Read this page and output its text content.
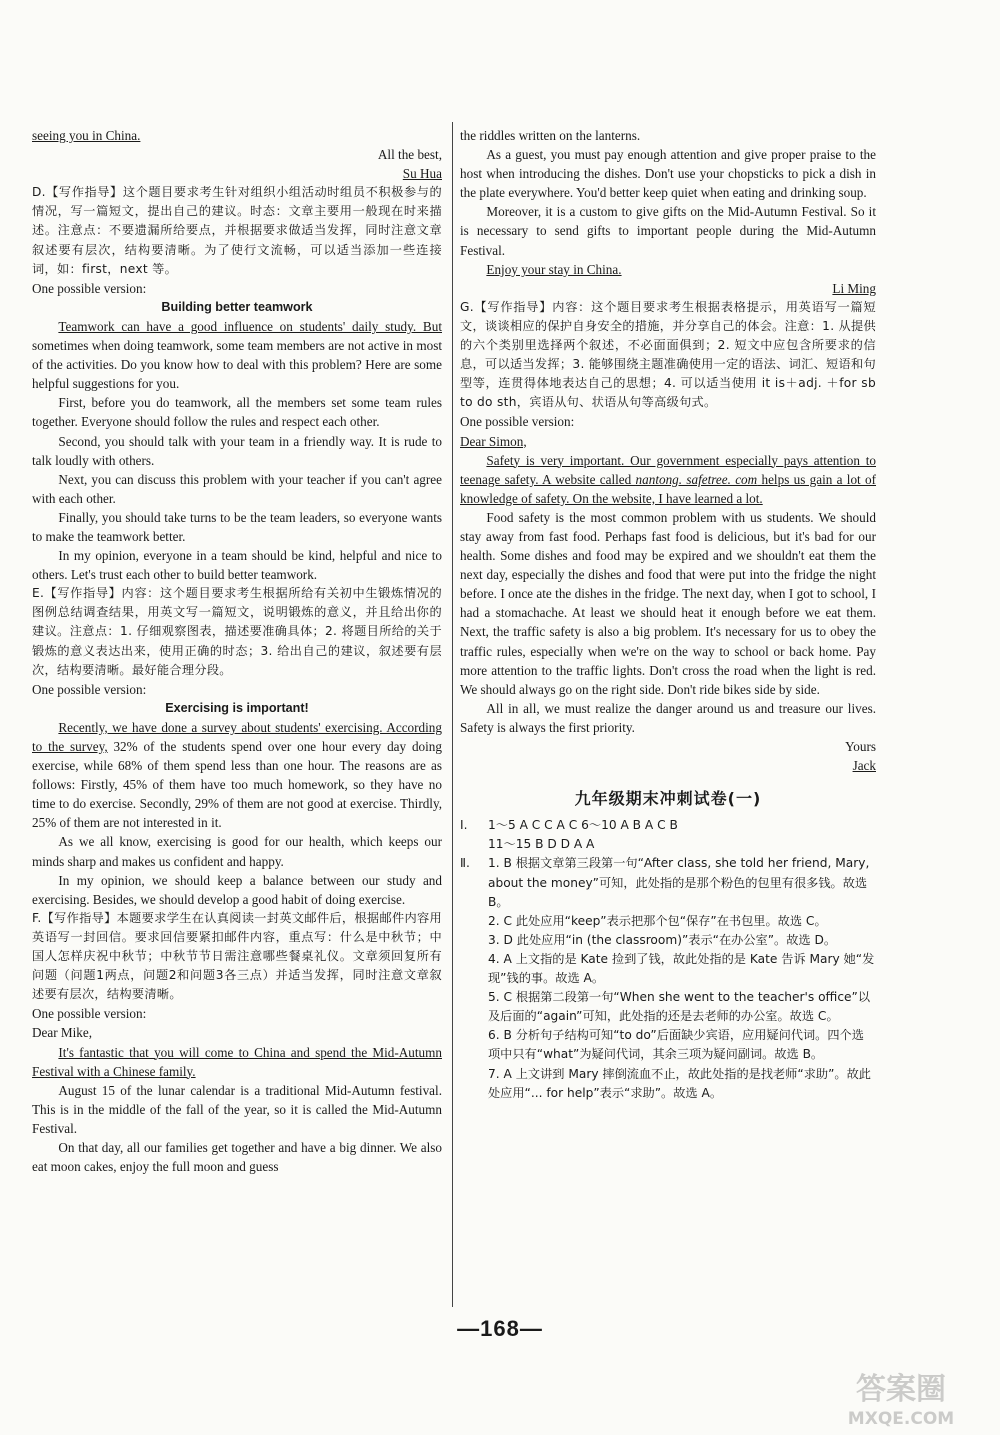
seeing you in China.

All the best,

Su Hua

D.【写作指导】这个题目要求考生针对组织小组活动时组员不积极参与的情况，写一篇短文，提出自己的建议。时态：文章主要用一般现在时来描述。注意点：不要遗漏所给要点，并根据要求做适当发挥，同时注意文章叙述要有层次，结构要清晰。为了使行文流畅，可以适当添加一些连接词，如：first，next 等。

One possible version:

Building better teamwork

Teamwork can have a good influence on students' daily study. But sometimes when doing teamwork, some team members are not active in most of the activities. Do you know how to deal with this problem? Here are some helpful suggestions for you.

First, before you do teamwork, all the members set some team rules together. Everyone should follow the rules and respect each other.

Second, you should talk with your team in a friendly way. It is rude to talk loudly with others.

Next, you can discuss this problem with your teacher if you can't agree with each other.

Finally, you should take turns to be the team leaders, so everyone wants to make the teamwork better.

In my opinion, everyone in a team should be kind, helpful and nice to others. Let's trust each other to build better teamwork.

E.【写作指导】内容：这个题目要求考生根据所给有关初中生锻炼情况的图例总结调查结果，用英文写一篇短文，说明锻炼的意义，并且给出你的建议。注意点：1. 仔细观察图表，描述要准确具体；2. 将题目所给的关于锻炼的意义表达出来，使用正确的时态；3. 给出自己的建议，叙述要有层次，结构要清晰。最好能合理分段。

One possible version:

Exercising is important!

Recently, we have done a survey about students' exercising. According to the survey, 32% of the students spend over one hour every day doing exercise, while 68% of them spend less than one hour. The reasons are as follows: Firstly, 45% of them have too much homework, so they have no time to do exercise. Secondly, 29% of them are not good at exercise. Thirdly, 25% of them are not interested in it.

As we all know, exercising is good for our health, which keeps our minds sharp and makes us confident and happy.

In my opinion, we should keep a balance between our study and exercising. Besides, we should develop a good habit of doing exercise.

F.【写作指导】本题要求学生在认真阅读一封英文邮件后，根据邮件内容用英语写一封回信。要求回信要紧扣邮件内容，重点写：什么是中秋节；中国人怎样庆祝中秋节；中秋节节日需注意哪些餐桌礼仪。文章须回复所有问题（问题1两点，问题2和问题3各三点）并适当发挥，同时注意文章叙述要有层次，结构要清晰。

One possible version:

Dear Mike,

It's fantastic that you will come to China and spend the Mid-Autumn Festival with a Chinese family.

August 15 of the lunar calendar is a traditional Mid-Autumn festival. This is in the middle of the fall of the year, so it is called the Mid-Autumn Festival.

On that day, all our families get together and have a big dinner. We also eat moon cakes, enjoy the full moon and guess

the riddles written on the lanterns.

As a guest, you must pay enough attention and give proper praise to the host when introducing the dishes. Don't use your chopsticks to pick a dish in the plate everywhere. You'd better keep quiet when eating and drinking soup.

Moreover, it is a custom to give gifts on the Mid-Autumn Festival. So it is necessary to send gifts to important people during the Mid-Autumn Festival.

Enjoy your stay in China.

Li Ming

G.【写作指导】内容：这个题目要求考生根据表格提示，用英语写一篇短文，谈谈相应的保护自身安全的措施，并分享自己的体会。注意：1. 从提供的六个类别里选择两个叙述，不必面面俱到；2. 短文中应包含所要求的信息，可以适当发挥；3. 能够围绕主题准确使用一定的语法、词汇、短语和句型等，连贯得体地表达自己的思想；4. 可以适当使用 it is＋adj. ＋for sb to do sth，宾语从句、状语从句等高级句式。

One possible version:

Dear Simon,

Safety is very important. Our government especially pays attention to teenage safety. A website called nantong. safetree. com helps us gain a lot of knowledge of safety. On the website, I have learned a lot.

Food safety is the most common problem with us students. We should stay away from fast food. Perhaps fast food is delicious, but it's bad for our health. Some dishes and food may be expired and we shouldn't eat them the next day, especially the dishes and food that were put into the fridge the night before. I once ate the dishes in the fridge. The next day, when I got to school, I had a stomachache. At least we should heat it enough before we eat them. Next, the traffic safety is also a big problem. It's necessary for us to obey the traffic rules, especially when we're on the way to school or back home. Pay more attention to the traffic lights. Don't cross the road when the light is red. We should always go on the right side. Don't ride bikes side by side.

All in all, we must realize the danger around us and treasure our lives. Safety is always the first priority.

Yours

Jack

九年级期末冲刺试卷(一)
Ⅰ.	1～5 A C C A C 6～10 A B A C B
11～15 B D D A A
Ⅱ.	1. B 根据文章第三段第一句“After class, she told her friend, Mary, about the money”可知，此处指的是那个粉色的包里有很多钱。故选 B。
2. C 此处应用“keep”表示把那个包“保存”在书包里。故选 C。
3. D 此处应用“in (the classroom)”表示“在办公室”。故选 D。
4. A 上文指的是 Kate 捡到了钱，故此处指的是 Kate 告诉 Mary 她“发现”钱的事。故选 A。
5. C 根据第二段第一句“When she went to the teacher's office”以及后面的“again”可知，此处指的还是去老师的办公室。故选 C。
6. B 分析句子结构可知“to do”后面缺少宾语，应用疑问代词。四个选项中只有“what”为疑问代词，其余三项为疑问副词。故选 B。
7. A 上文讲到 Mary 摔倒流血不止，故此处指的是找老师“求助”。故此处应用“... for help”表示“求助”。故选 A。
—168—
答案圈
MXQE.COM
